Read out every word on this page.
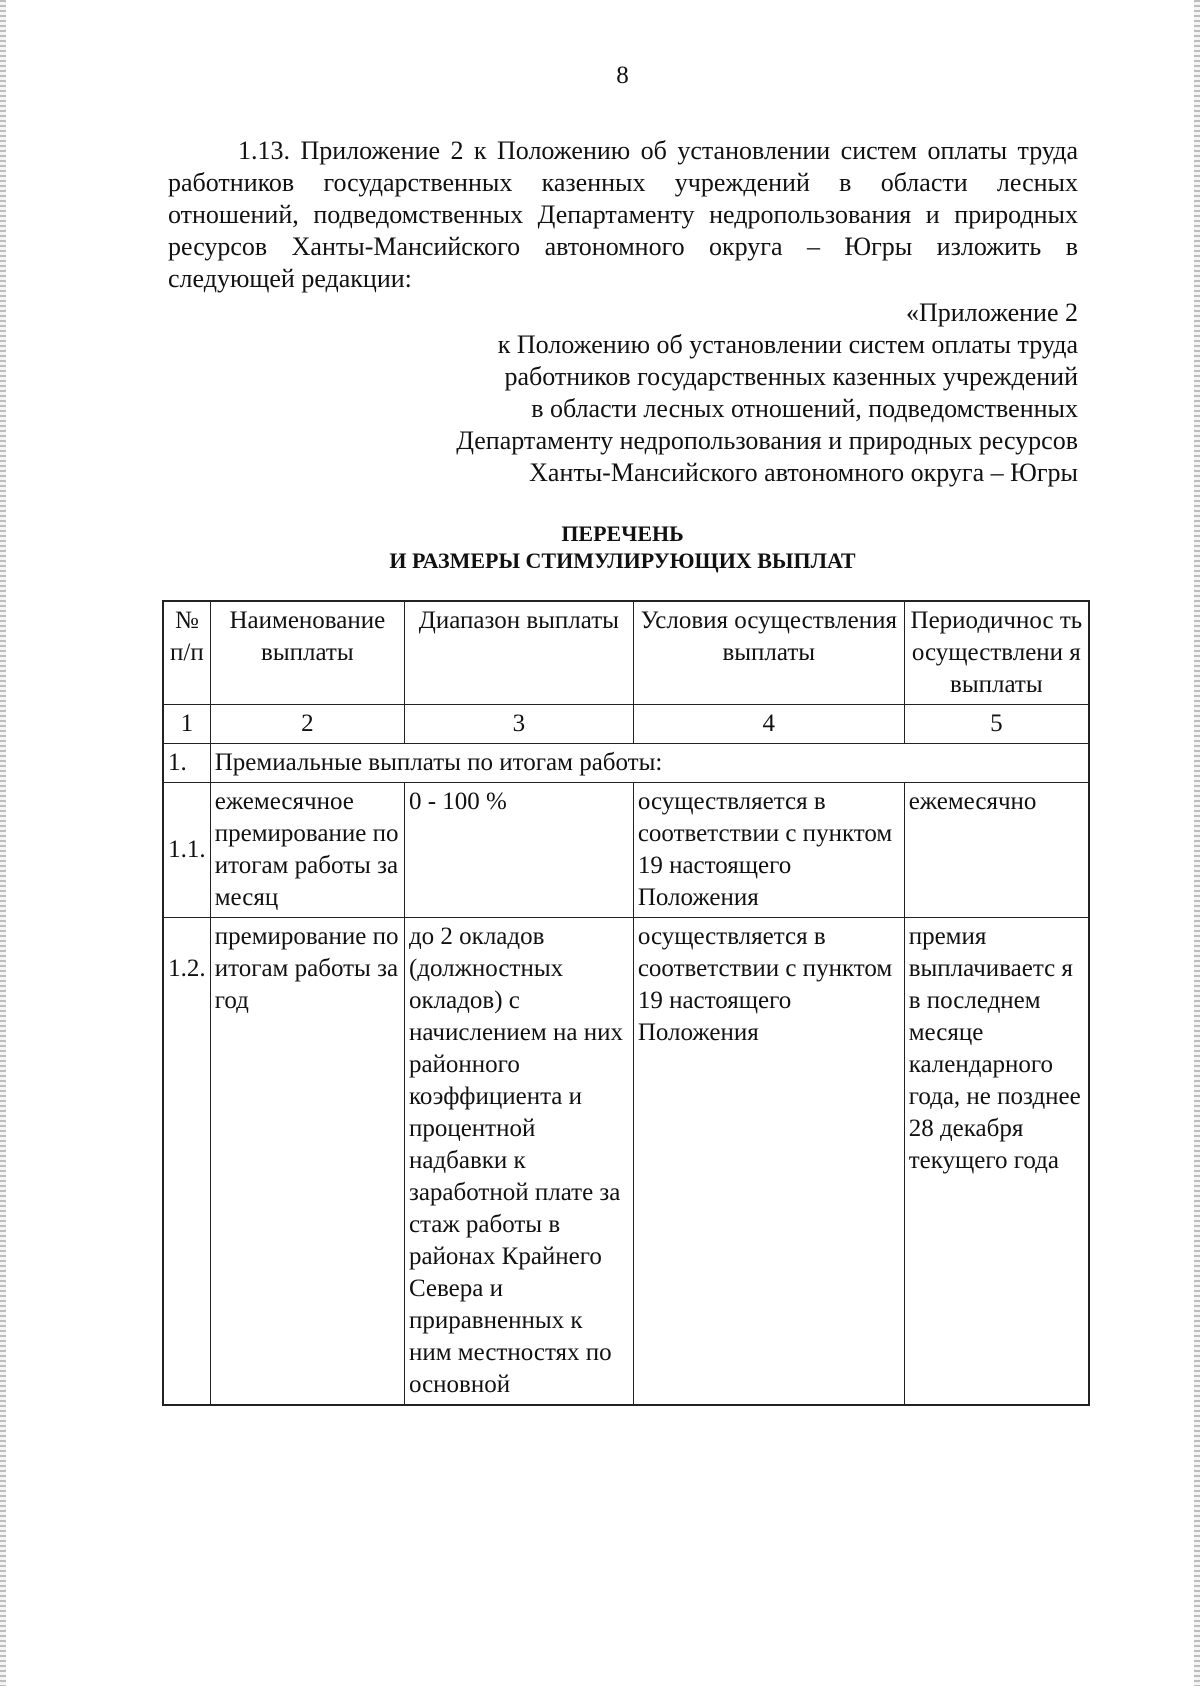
8

1.13. Приложение 2 к Положению об установлении систем оплаты труда работников государственных казенных учреждений в области лесных отношений, подведомственных Департаменту недропользования и природных ресурсов Ханты-Мансийского автономного округа – Югры изложить в следующей редакции:

«Приложение 2
к Положению об установлении систем оплаты труда
работников государственных казенных учреждений
в области лесных отношений, подведомственных
Департаменту недропользования и природных ресурсов
Ханты-Мансийского автономного округа – Югры
ПЕРЕЧЕНЬ
И РАЗМЕРЫ СТИМУЛИРУЮЩИХ ВЫПЛАТ
№ п/п	Наименование выплаты	Диапазон выплаты	Условия осуществления выплаты	Периодичнос ть осуществлени я выплаты
1	2	3	4	5
1.	Премиальные выплаты по итогам работы:			
1.1.	ежемесячное премирование по итогам работы за месяц	0 - 100 %	осуществляется в соответствии с пунктом 19 настоящего Положения	ежемесячно
1.2.	премирование по итогам работы за год	до 2 окладов (должностных окладов) с начислением на них районного коэффициента и процентной надбавки к заработной плате за стаж работы в районах Крайнего Севера и приравненных к ним местностях по основной	осуществляется в соответствии с пунктом 19 настоящего Положения	премия выплачиваетс я в последнем месяце календарного года, не позднее 28 декабря текущего года
